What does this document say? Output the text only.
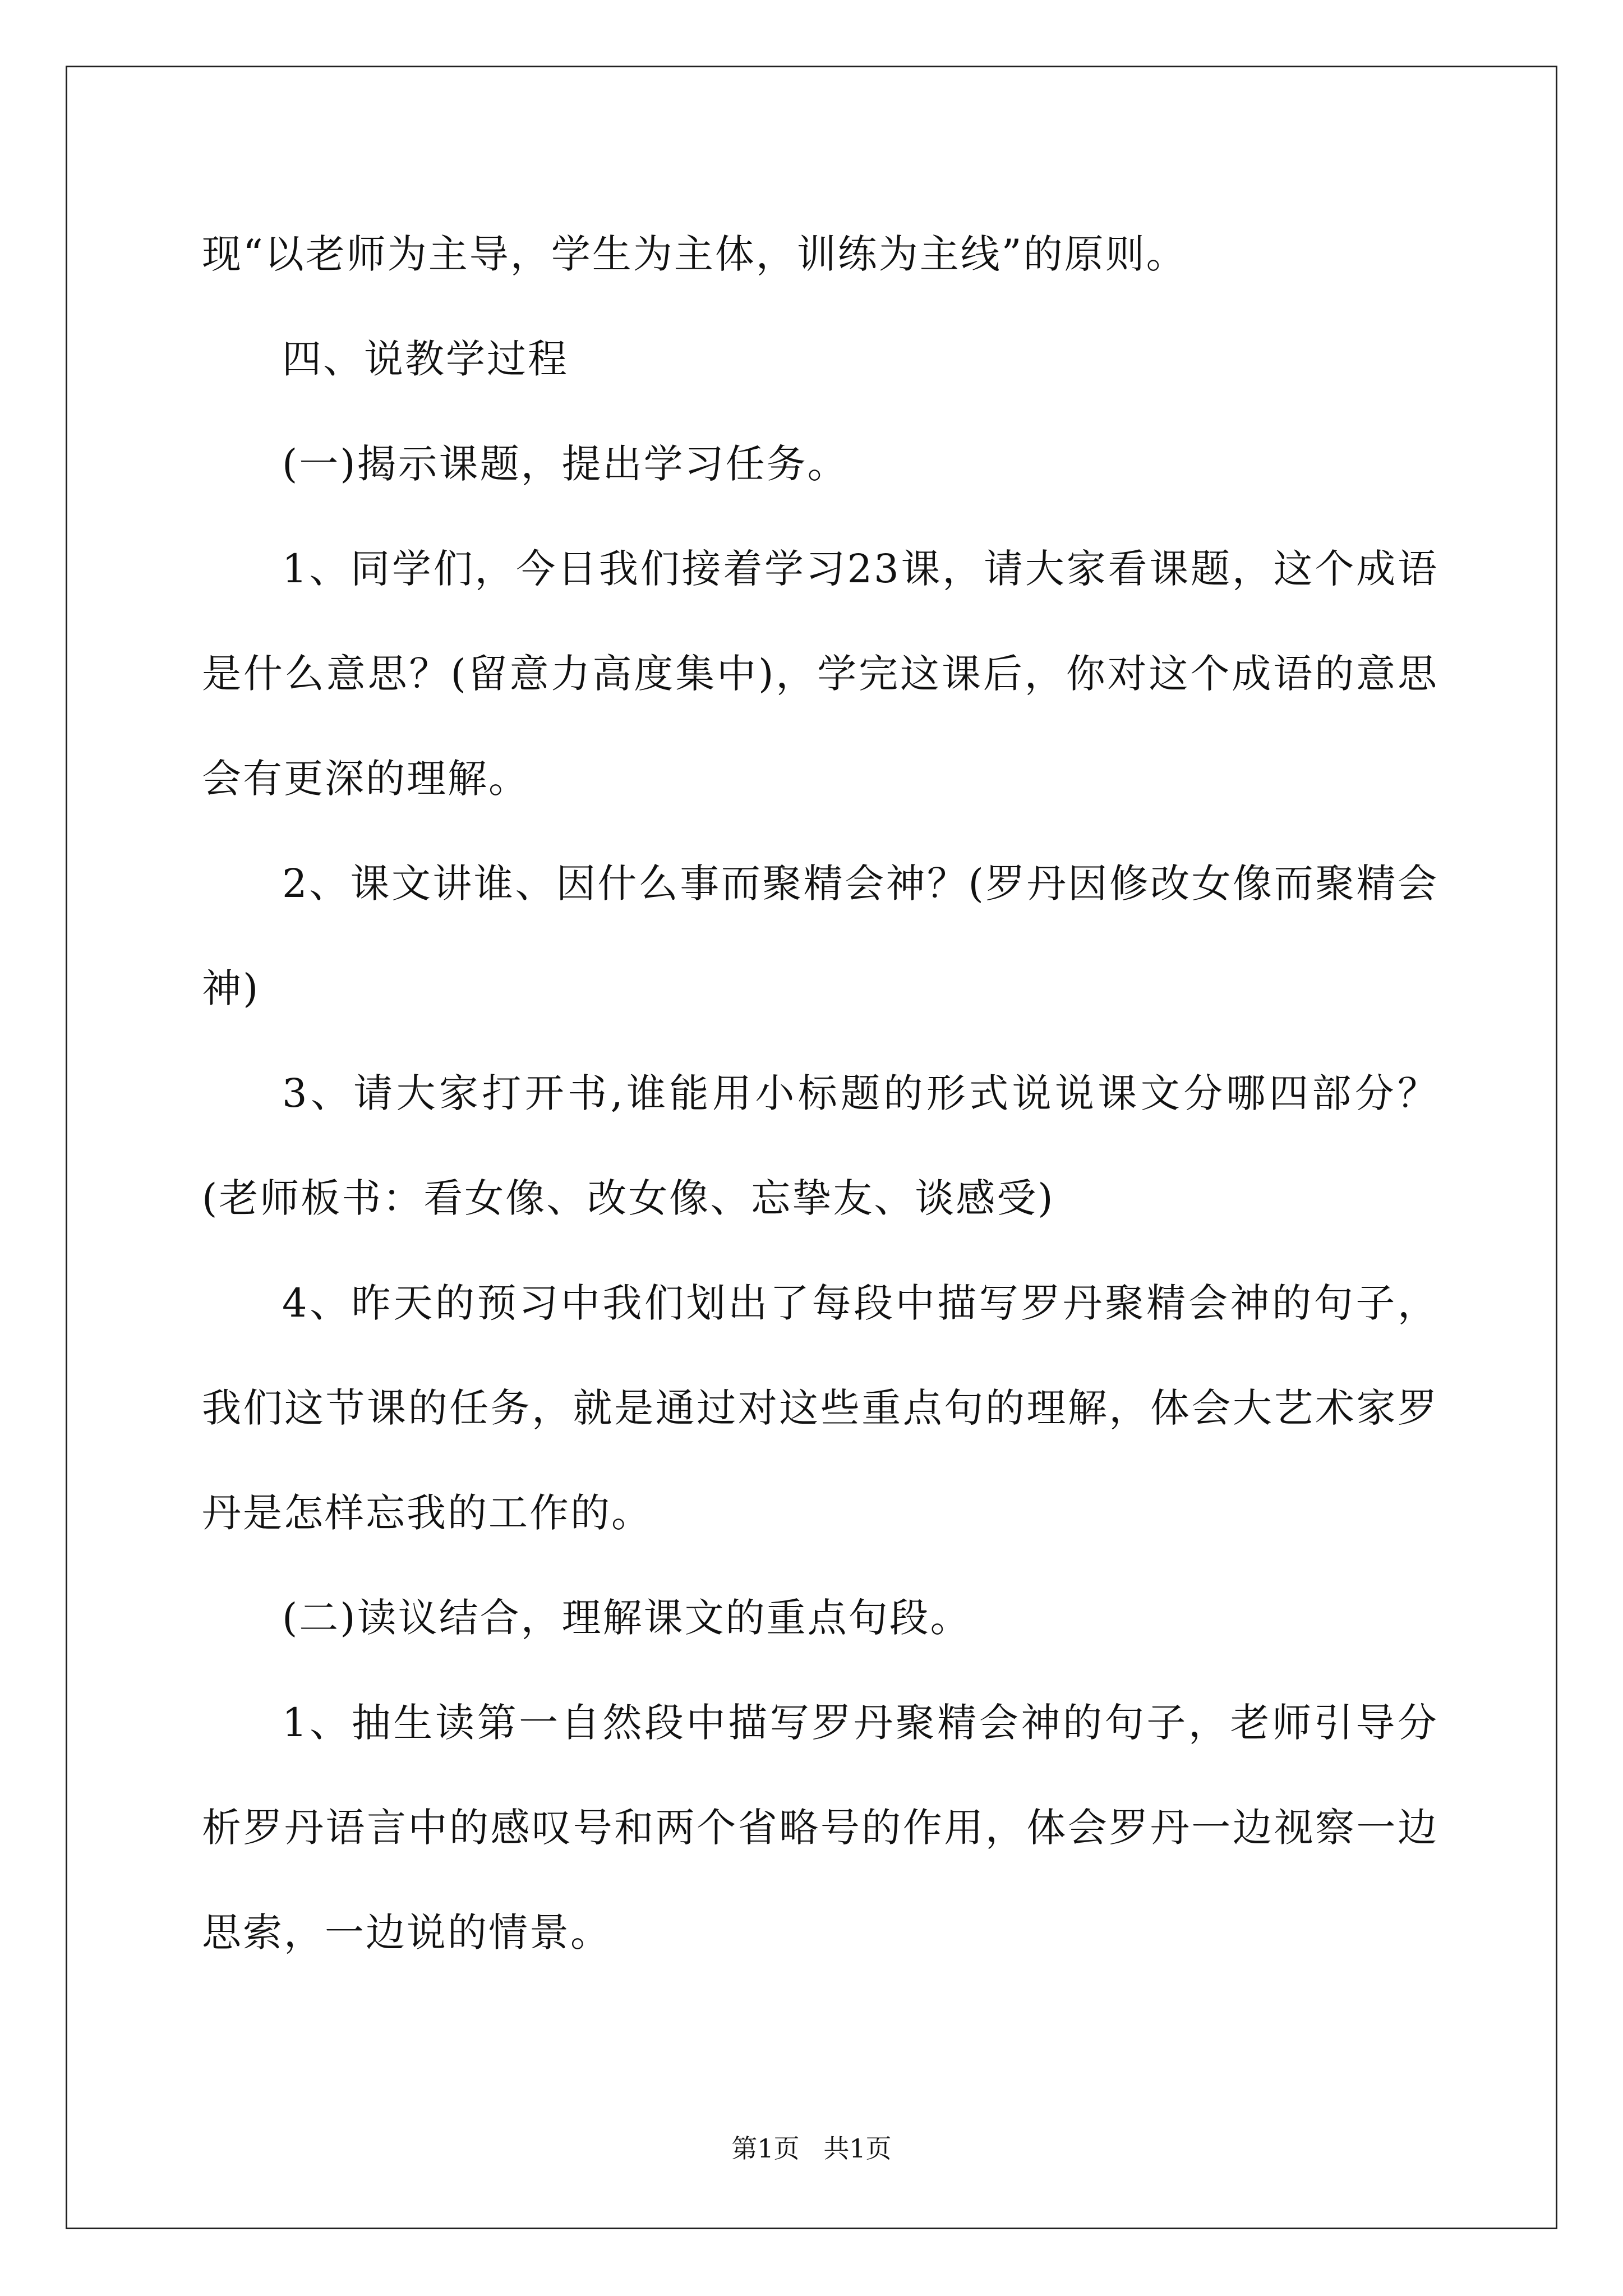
现“以老师为主导，学生为主体，训练为主线”的原则。

四、说教学过程

(一)揭示课题，提出学习任务。

1、同学们，今日我们接着学习23课，请大家看课题，这个成语是什么意思？(留意力高度集中)，学完这课后，你对这个成语的意思会有更深的理解。

2、课文讲谁、因什么事而聚精会神？(罗丹因修改女像而聚精会神)

3、请大家打开书,谁能用小标题的形式说说课文分哪四部分？(老师板书：看女像、改女像、忘挚友、谈感受)

4、昨天的预习中我们划出了每段中描写罗丹聚精会神的句子，我们这节课的任务，就是通过对这些重点句的理解，体会大艺术家罗丹是怎样忘我的工作的。

(二)读议结合，理解课文的重点句段。

1、抽生读第一自然段中描写罗丹聚精会神的句子，老师引导分析罗丹语言中的感叹号和两个省略号的作用，体会罗丹一边视察一边思索，一边说的情景。

第1页 共1页
